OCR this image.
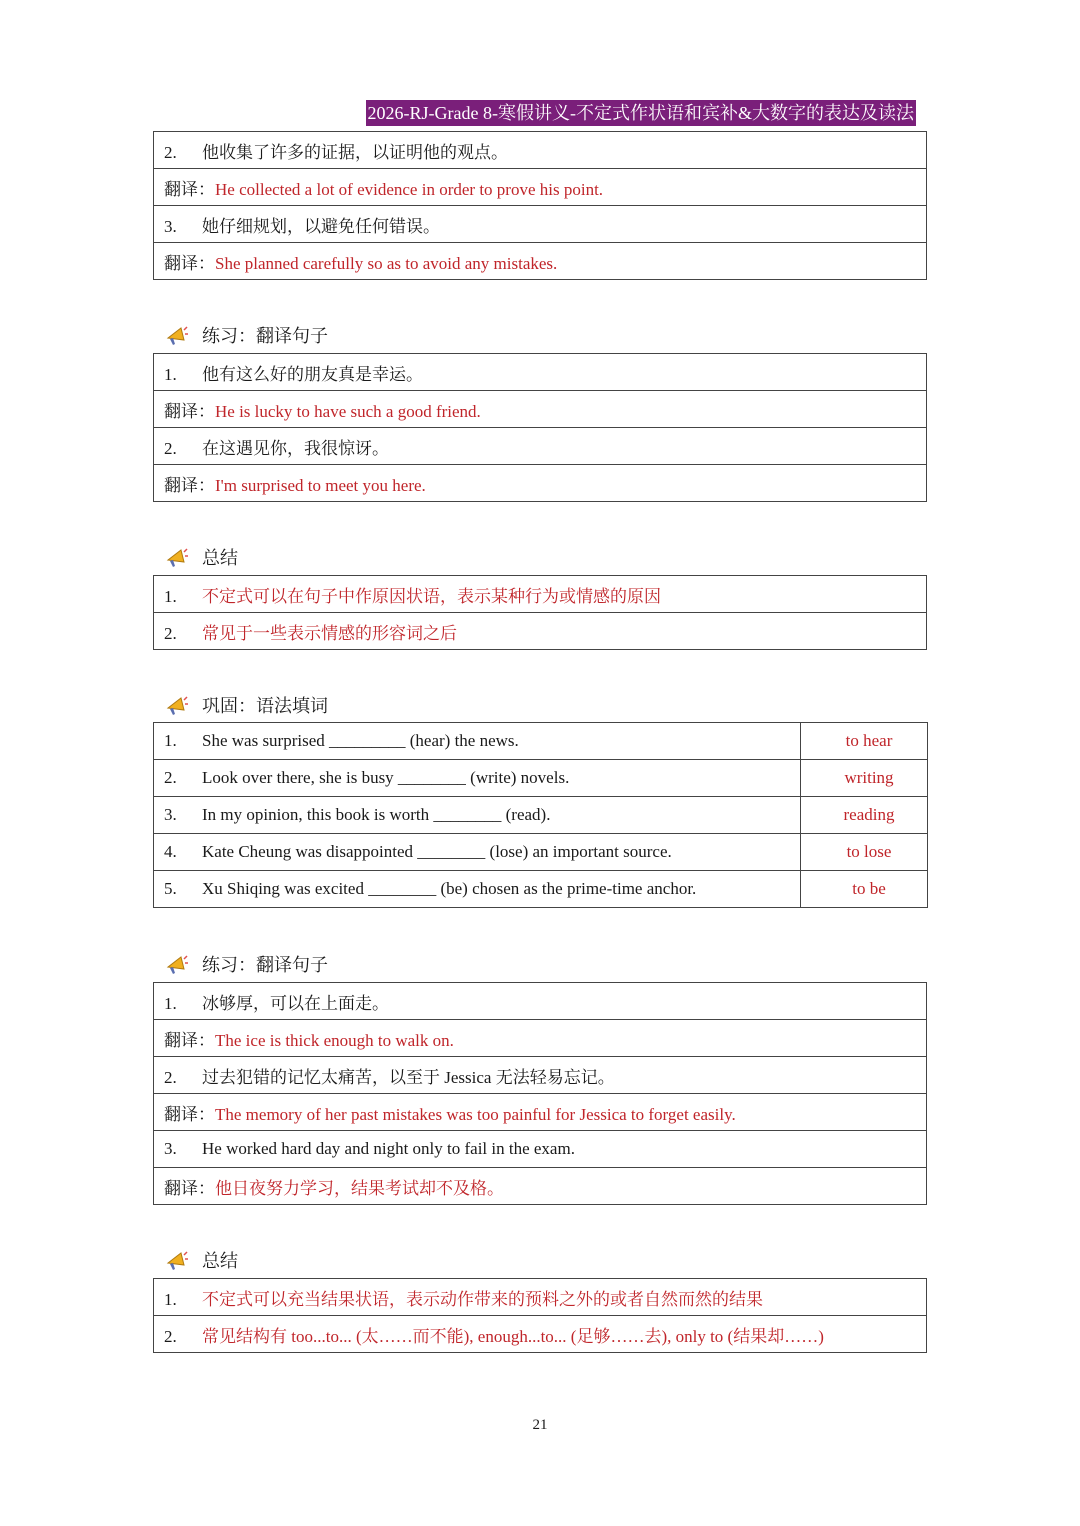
2026-RJ-Grade 8-寒假讲义-不定式作状语和宾补&大数字的表达及读法
2. 他收集了许多的证据，以证明他的观点。
翻译：He collected a lot of evidence in order to prove his point.
3. 她仔细规划，以避免任何错误。
翻译：She planned carefully so as to avoid any mistakes.
练习：翻译句子
1. 他有这么好的朋友真是幸运。
翻译：He is lucky to have such a good friend.
2. 在这遇见你，我很惊讶。
翻译：I'm surprised to meet you here.
总结
1. 不定式可以在句子中作原因状语，表示某种行为或情感的原因
2. 常见于一些表示情感的形容词之后
巩固：语法填词
1. She was surprised _________ (hear) the news.	to hear
2. Look over there, she is busy ________ (write) novels.	writing
3. In my opinion, this book is worth ________ (read).	reading
4. Kate Cheung was disappointed ________ (lose) an important source.	to lose
5. Xu Shiqing was excited ________ (be) chosen as the prime-time anchor.	to be
练习：翻译句子
1. 冰够厚，可以在上面走。
翻译：The ice is thick enough to walk on.
2. 过去犯错的记忆太痛苦，以至于 Jessica 无法轻易忘记。
翻译：The memory of her past mistakes was too painful for Jessica to forget easily.
3. He worked hard day and night only to fail in the exam.
翻译：他日夜努力学习，结果考试却不及格。
总结
1. 不定式可以充当结果状语，表示动作带来的预料之外的或者自然而然的结果
2. 常见结构有 too...to... (太……而不能), enough...to... (足够……去), only to (结果却……)
21
